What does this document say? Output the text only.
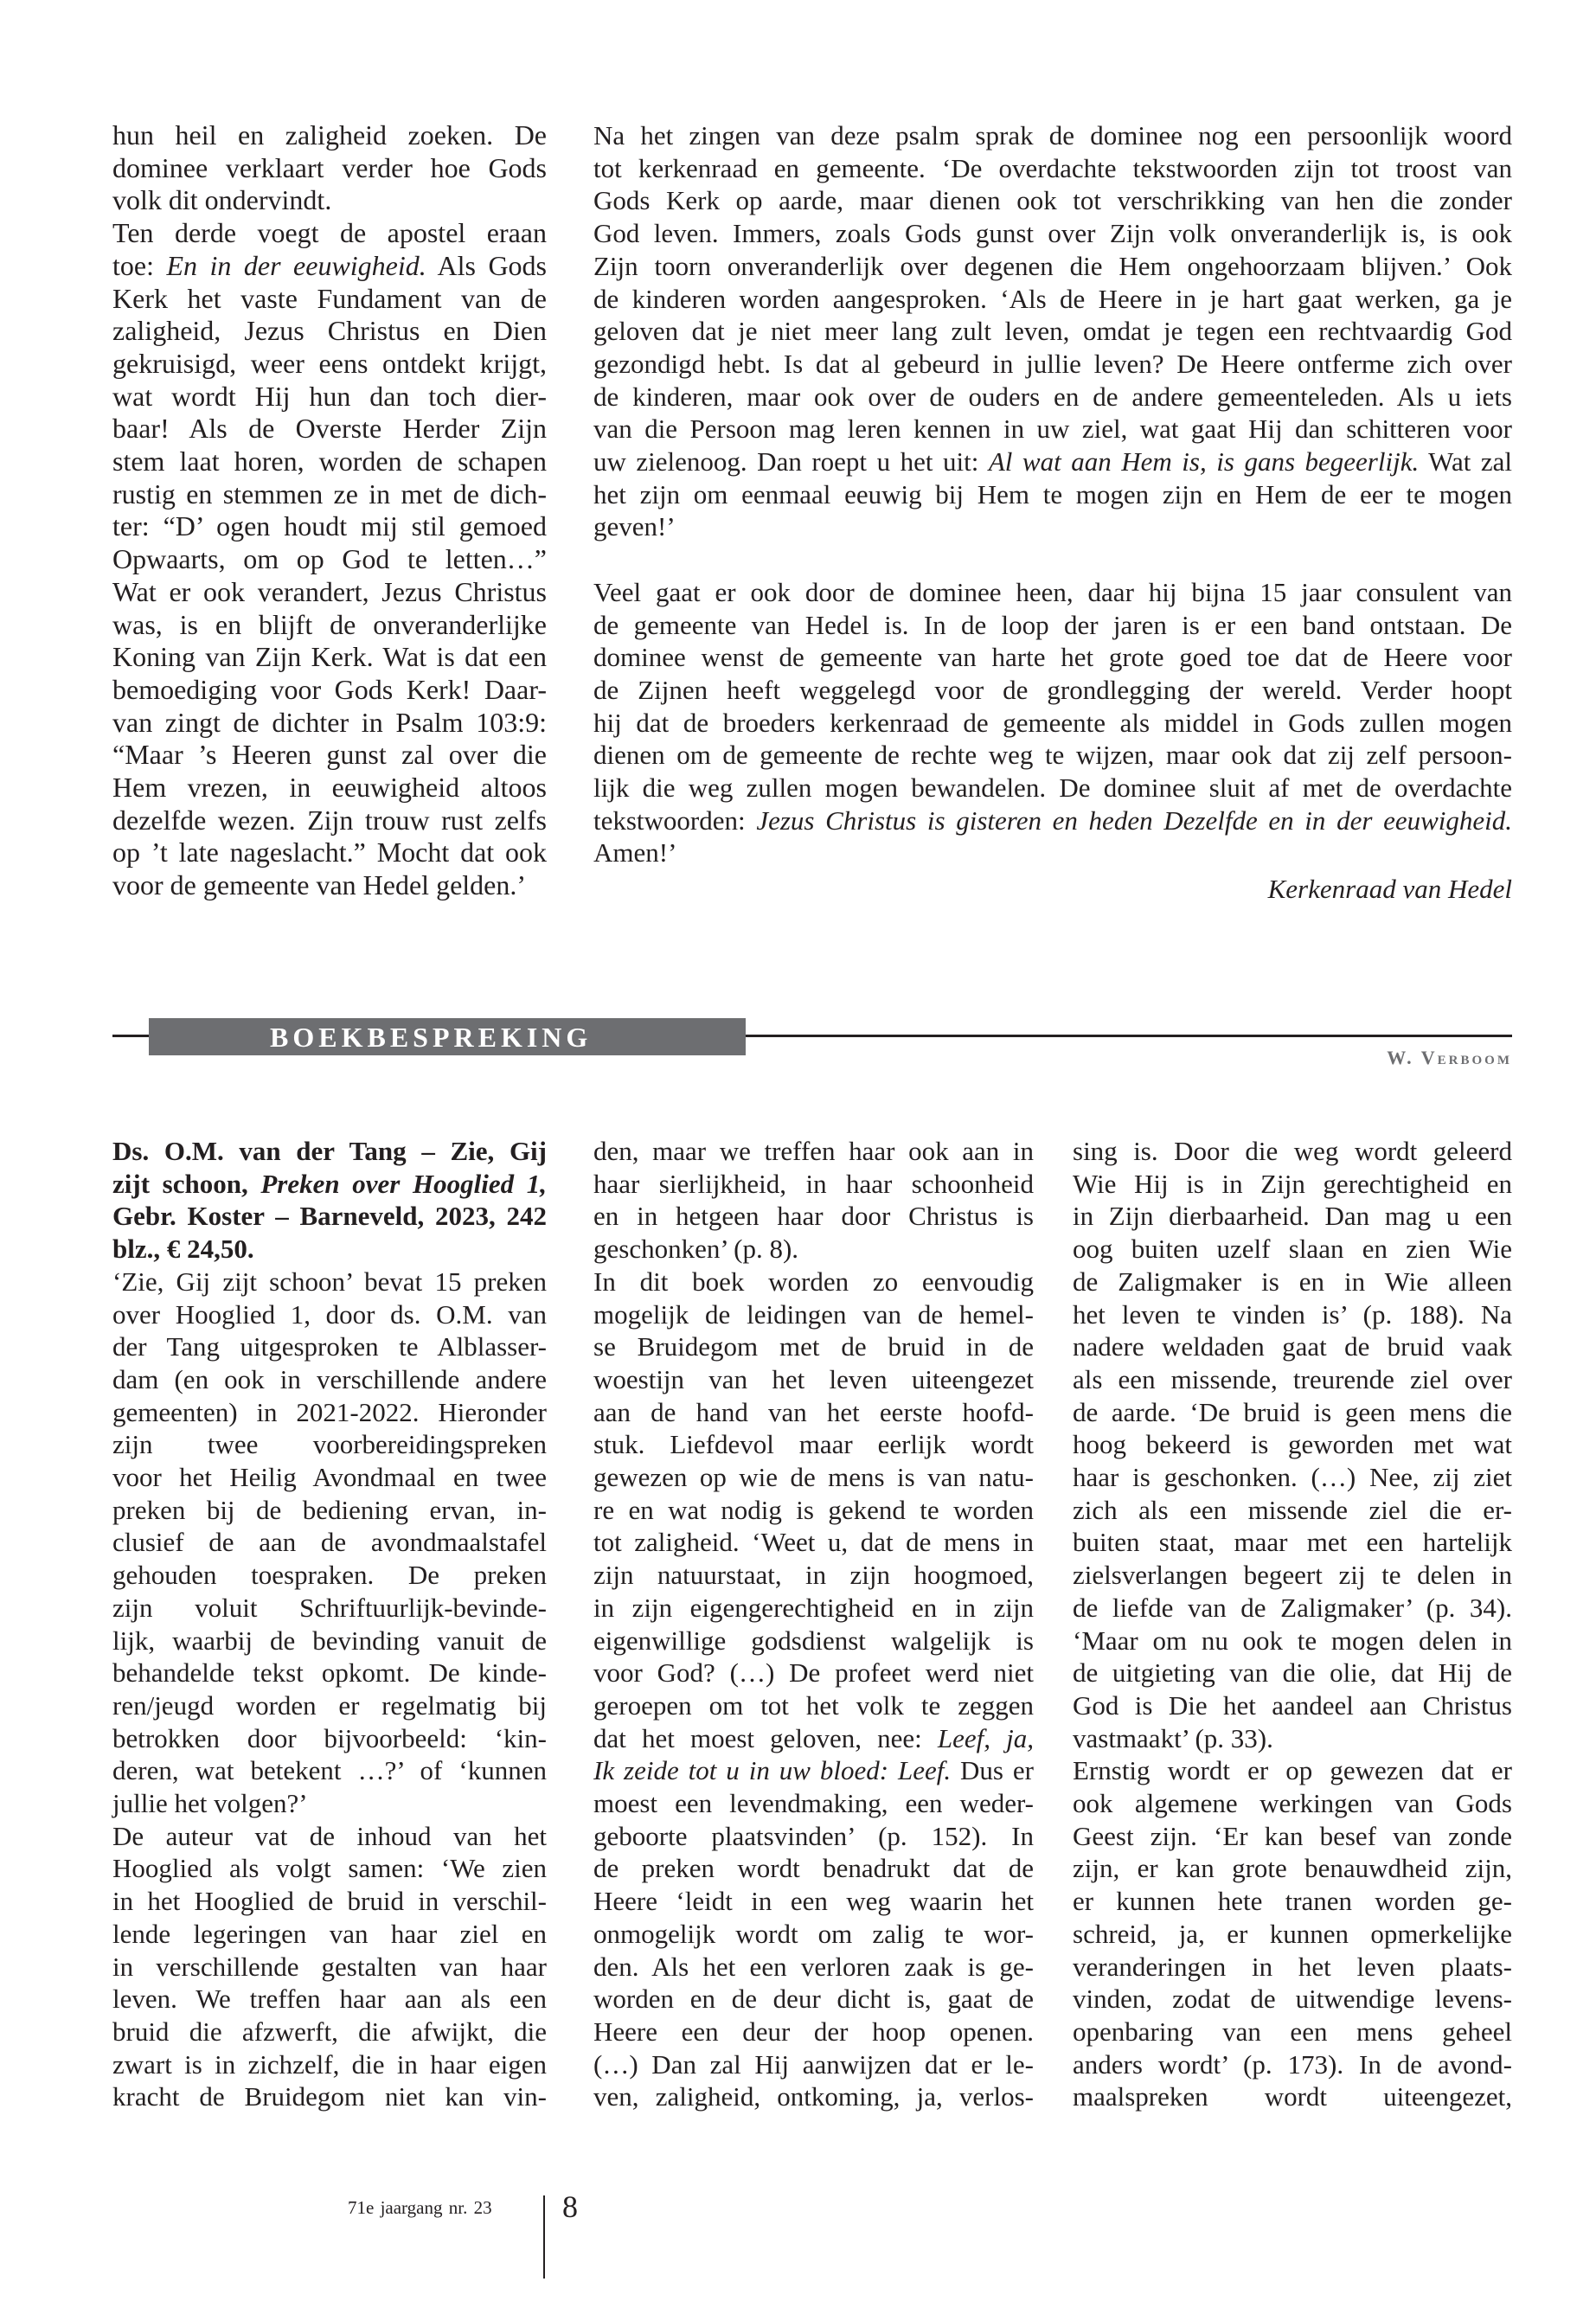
hun heil en zaligheid zoeken. De
dominee verklaart verder hoe Gods
volk dit ondervindt.
Ten derde voegt de apostel eraan
toe: En in der eeuwigheid. Als Gods
Kerk het vaste Fundament van de
zaligheid, Jezus Christus en Dien
gekruisigd, weer eens ontdekt krijgt,
wat wordt Hij hun dan toch dier-
baar! Als de Overste Herder Zijn
stem laat horen, worden de schapen
rustig en stemmen ze in met de dich-
ter: “D’ ogen houdt mij stil gemoed
Opwaarts, om op God te letten…”
Wat er ook verandert, Jezus Christus
was, is en blijft de onveranderlijke
Koning van Zijn Kerk. Wat is dat een
bemoediging voor Gods Kerk! Daar-
van zingt de dichter in Psalm 103:9:
“Maar ’s Heeren gunst zal over die
Hem vrezen, in eeuwigheid altoos
dezelfde wezen. Zijn trouw rust zelfs
op ’t late nageslacht.” Mocht dat ook
voor de gemeente van Hedel gelden.’
Na het zingen van deze psalm sprak de dominee nog een persoonlijk woord
tot kerkenraad en gemeente. ‘De overdachte tekstwoorden zijn tot troost van
Gods Kerk op aarde, maar dienen ook tot verschrikking van hen die zonder
God leven. Immers, zoals Gods gunst over Zijn volk onveranderlijk is, is ook
Zijn toorn onveranderlijk over degenen die Hem ongehoorzaam blijven.’ Ook
de kinderen worden aangesproken. ‘Als de Heere in je hart gaat werken, ga je
geloven dat je niet meer lang zult leven, omdat je tegen een rechtvaardig God
gezondigd hebt. Is dat al gebeurd in jullie leven? De Heere ontferme zich over
de kinderen, maar ook over de ouders en de andere gemeenteleden. Als u iets
van die Persoon mag leren kennen in uw ziel, wat gaat Hij dan schitteren voor
uw zielenoog. Dan roept u het uit: Al wat aan Hem is, is gans begeerlijk. Wat zal
het zijn om eenmaal eeuwig bij Hem te mogen zijn en Hem de eer te mogen
geven!’
Veel gaat er ook door de dominee heen, daar hij bijna 15 jaar consulent van
de gemeente van Hedel is. In de loop der jaren is er een band ontstaan. De
dominee wenst de gemeente van harte het grote goed toe dat de Heere voor
de Zijnen heeft weggelegd voor de grondlegging der wereld. Verder hoopt
hij dat de broeders kerkenraad de gemeente als middel in Gods zullen mogen
dienen om de gemeente de rechte weg te wijzen, maar ook dat zij zelf persoon-
lijk die weg zullen mogen bewandelen. De dominee sluit af met de overdachte
tekstwoorden: Jezus Christus is gisteren en heden Dezelfde en in der eeuwigheid.
Amen!’
Kerkenraad van Hedel
BOEKBESPREKING
W. Verboom
Ds. O.M. van der Tang – Zie, Gij
zijt schoon, Preken over Hooglied 1,
Gebr. Koster – Barneveld, 2023, 242
blz., € 24,50.
‘Zie, Gij zijt schoon’ bevat 15 preken
over Hooglied 1, door ds. O.M. van
der Tang uitgesproken te Alblasser-
dam (en ook in verschillende andere
gemeenten) in 2021-2022. Hieronder
zijn twee voorbereidingspreken
voor het Heilig Avondmaal en twee
preken bij de bediening ervan, in-
clusief de aan de avondmaalstafel
gehouden toespraken. De preken
zijn voluit Schriftuurlijk-bevinde-
lijk, waarbij de bevinding vanuit de
behandelde tekst opkomt. De kinde-
ren/jeugd worden er regelmatig bij
betrokken door bijvoorbeeld: ‘kin-
deren, wat betekent …?’ of ‘kunnen
jullie het volgen?’
De auteur vat de inhoud van het
Hooglied als volgt samen: ‘We zien
in het Hooglied de bruid in verschil-
lende legeringen van haar ziel en
in verschillende gestalten van haar
leven. We treffen haar aan als een
bruid die afzwerft, die afwijkt, die
zwart is in zichzelf, die in haar eigen
kracht de Bruidegom niet kan vin-
den, maar we treffen haar ook aan in
haar sierlijkheid, in haar schoonheid
en in hetgeen haar door Christus is
geschonken’ (p. 8).
In dit boek worden zo eenvoudig
mogelijk de leidingen van de hemel-
se Bruidegom met de bruid in de
woestijn van het leven uiteengezet
aan de hand van het eerste hoofd-
stuk. Liefdevol maar eerlijk wordt
gewezen op wie de mens is van natu-
re en wat nodig is gekend te worden
tot zaligheid. ‘Weet u, dat de mens in
zijn natuurstaat, in zijn hoogmoed,
in zijn eigengerechtigheid en in zijn
eigenwillige godsdienst walgelijk is
voor God? (…) De profeet werd niet
geroepen om tot het volk te zeggen
dat het moest geloven, nee: Leef, ja,
Ik zeide tot u in uw bloed: Leef. Dus er
moest een levendmaking, een weder-
geboorte plaatsvinden’ (p. 152). In
de preken wordt benadrukt dat de
Heere ‘leidt in een weg waarin het
onmogelijk wordt om zalig te wor-
den. Als het een verloren zaak is ge-
worden en de deur dicht is, gaat de
Heere een deur der hoop openen.
(…) Dan zal Hij aanwijzen dat er le-
ven, zaligheid, ontkoming, ja, verlos-
sing is. Door die weg wordt geleerd
Wie Hij is in Zijn gerechtigheid en
in Zijn dierbaarheid. Dan mag u een
oog buiten uzelf slaan en zien Wie
de Zaligmaker is en in Wie alleen
het leven te vinden is’ (p. 188). Na
nadere weldaden gaat de bruid vaak
als een missende, treurende ziel over
de aarde. ‘De bruid is geen mens die
hoog bekeerd is geworden met wat
haar is geschonken. (…) Nee, zij ziet
zich als een missende ziel die er-
buiten staat, maar met een hartelijk
zielsverlangen begeert zij te delen in
de liefde van de Zaligmaker’ (p. 34).
‘Maar om nu ook te mogen delen in
de uitgieting van die olie, dat Hij de
God is Die het aandeel aan Christus
vastmaakt’ (p. 33).
Ernstig wordt er op gewezen dat er
ook algemene werkingen van Gods
Geest zijn. ‘Er kan besef van zonde
zijn, er kan grote benauwdheid zijn,
er kunnen hete tranen worden ge-
schreid, ja, er kunnen opmerkelijke
veranderingen in het leven plaats-
vinden, zodat de uitwendige levens-
openbaring van een mens geheel
anders wordt’ (p. 173). In de avond-
maalspreken wordt uiteengezet,
71e jaargang nr. 23 8
